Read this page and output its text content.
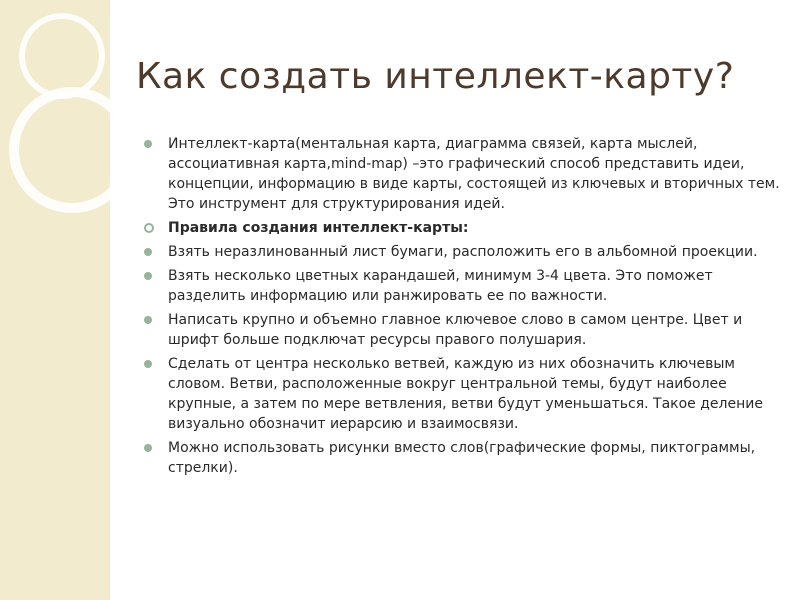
Как создать интеллект-карту?
Интеллект-карта(ментальная карта, диаграмма связей, карта мыслей, ассоциативная карта,mind-map) –это графический способ представить идеи, концепции, информацию в виде карты, состоящей из ключевых и вторичных тем. Это инструмент для структурирования идей.
Правила создания интеллект-карты:
Взять неразлинованный лист бумаги, расположить его в альбомной проекции.
Взять несколько цветных карандашей, минимум 3-4 цвета. Это поможет разделить информацию или ранжировать ее по важности.
Написать крупно и объемно главное ключевое слово в самом центре. Цвет и шрифт больше подключат ресурсы правого полушария.
Сделать от центра несколько ветвей, каждую из них обозначить ключевым словом. Ветви, расположенные вокруг центральной темы, будут наиболее крупные, а затем по мере ветвления, ветви будут уменьшаться. Такое деление визуально обозначит иерарсию и взаимосвязи.
Можно использовать рисунки вместо слов(графические формы, пиктограммы, стрелки).
